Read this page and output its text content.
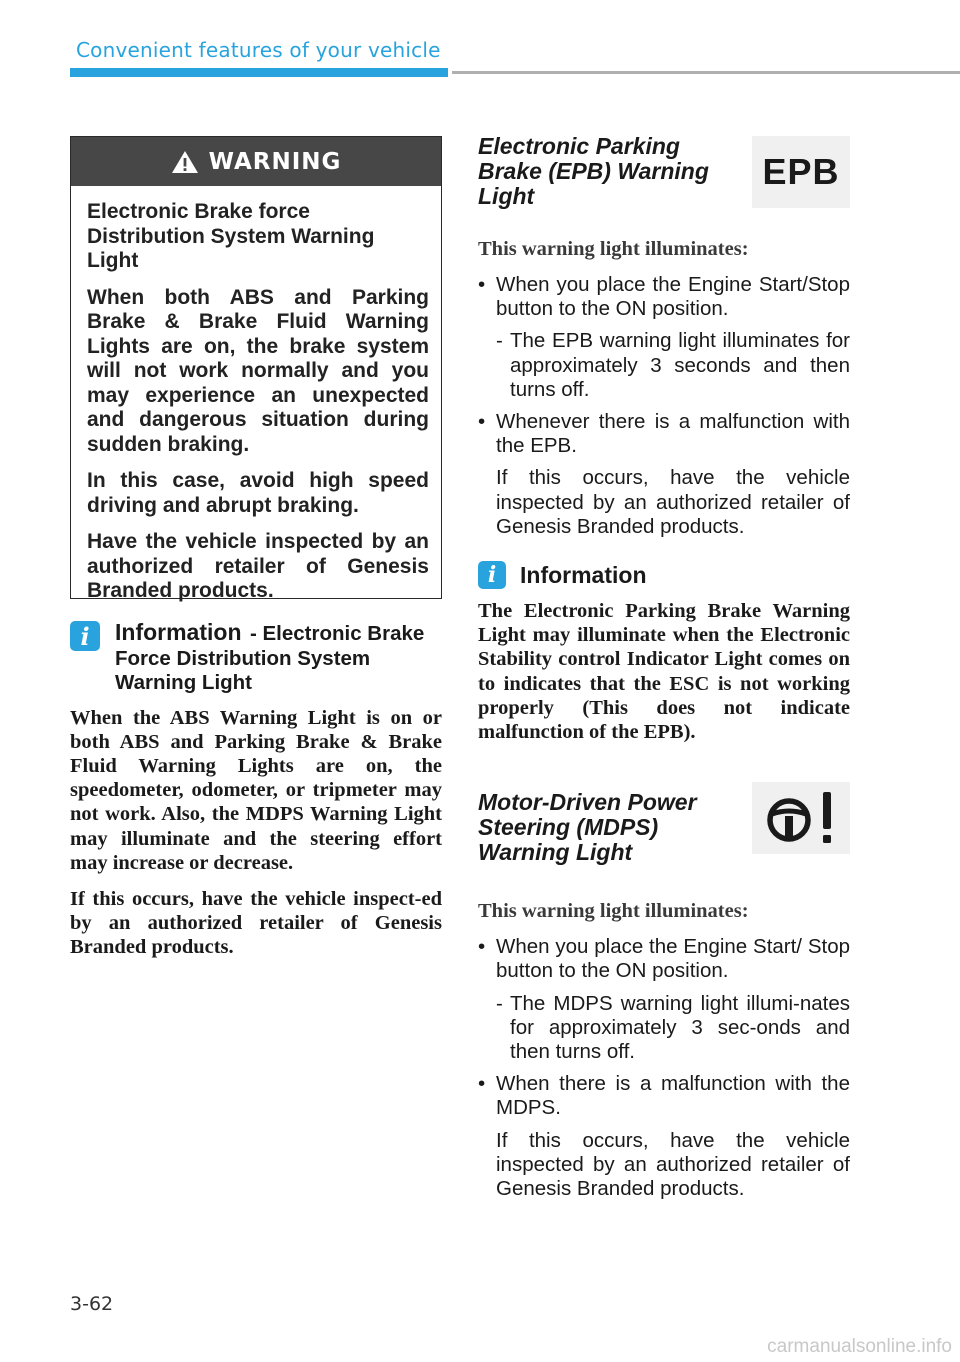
Convenient features of your vehicle
WARNING

Electronic Brake force Distribution System Warning Light

When both ABS and Parking Brake & Brake Fluid Warning Lights are on, the brake system will not work normally and you may experience an unexpected and dangerous situation during sudden braking.

In this case, avoid high speed driving and abrupt braking.

Have the vehicle inspected by an authorized retailer of Genesis Branded products.

i	Information - Electronic Brake Force Distribution System Warning Light

When the ABS Warning Light is on or both ABS and Parking Brake & Brake Fluid Warning Lights are on, the speedometer, odometer, or tripmeter may not work. Also, the MDPS Warning Light may illuminate and the steering effort may increase or decrease.

If this occurs, have the vehicle inspect-ed by an authorized retailer of Genesis Branded products.

Electronic Parking Brake (EPB) Warning Light
EPB
This warning light illuminates:
• When you place the Engine Start/Stop button to the ON position.
- The EPB warning light illuminates for approximately 3 seconds and then turns off.
• Whenever there is a malfunction with the EPB.
If this occurs, have the vehicle inspected by an authorized retailer of Genesis Branded products.
i	Information
The Electronic Parking Brake Warning Light may illuminate when the Electronic Stability control Indicator Light comes on to indicates that the ESC is not working properly (This does not indicate malfunction of the EPB).
Motor-Driven Power Steering (MDPS) Warning Light
This warning light illuminates:
• When you place the Engine Start/ Stop button to the ON position.
- The MDPS warning light illumi-nates for approximately 3 sec-onds and then turns off.
• When there is a malfunction with the MDPS.
If this occurs, have the vehicle inspected by an authorized retailer of Genesis Branded products.
3-62
carmanualsonline.info
